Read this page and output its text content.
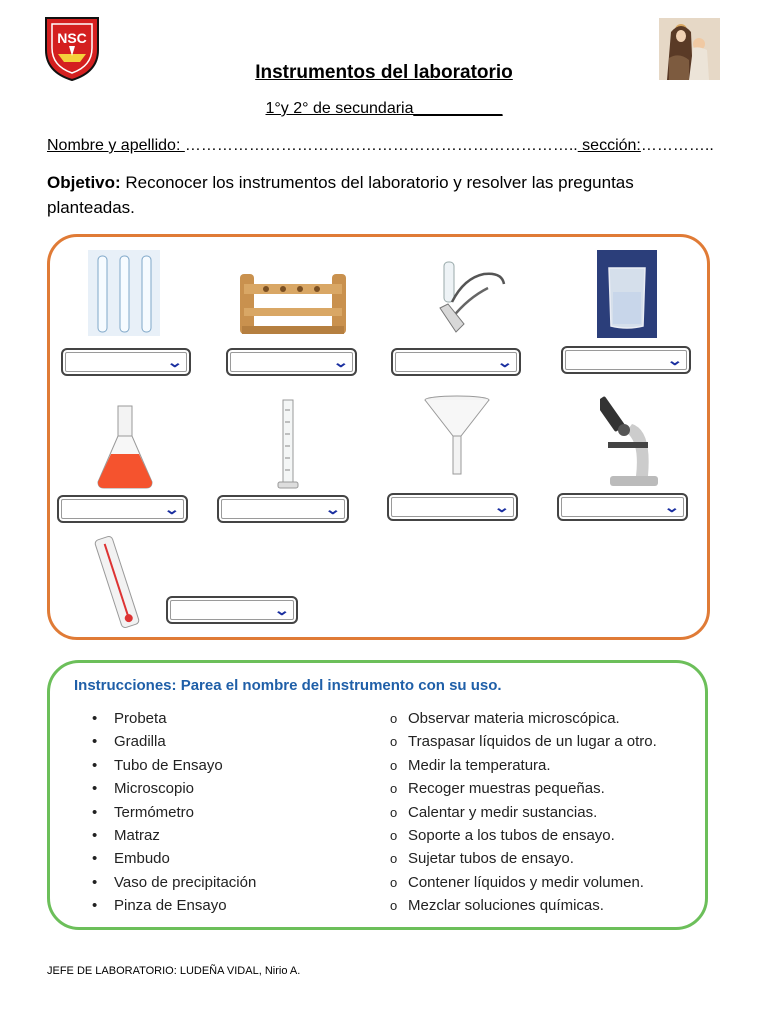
NSC
Instrumentos del laboratorio
1°y 2° de secundaria__________
Nombre y apellido: ……………………………………………………………….. sección:…………..
Objetivo: Reconocer los instrumentos del laboratorio y resolver las preguntas planteadas.
⌄	⌄	⌄	⌄
⌄	⌄	⌄	⌄
⌄
Instrucciones: Parea el nombre del instrumento con su uso.
• Probeta
• Gradilla
• Tubo de Ensayo
• Microscopio
• Termómetro
• Matraz
• Embudo
• Vaso de precipitación
• Pinza de Ensayo
o Observar materia microscópica.
o Traspasar líquidos de un lugar a otro.
o Medir la temperatura.
o Recoger muestras pequeñas.
o Calentar y medir sustancias.
o Soporte a los tubos de ensayo.
o Sujetar tubos de ensayo.
o Contener líquidos y medir volumen.
o Mezclar soluciones químicas.
JEFE DE LABORATORIO: LUDEÑA VIDAL, Nirio A.
